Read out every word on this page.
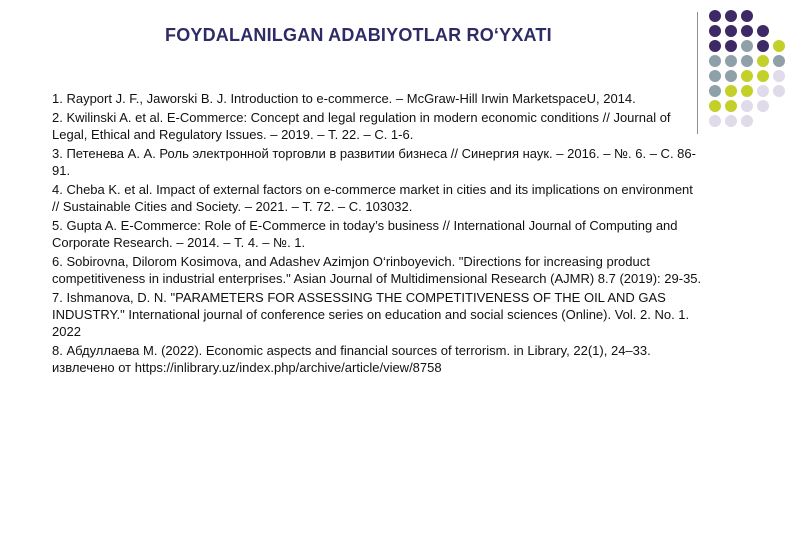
FOYDALANILGAN ADABIYOTLAR RO‘YXATI
1. Rayport J. F., Jaworski B. J. Introduction to e-commerce. – McGraw-Hill Irwin MarketspaceU, 2014.
2. Kwilinski A. et al. E-Commerce: Concept and legal regulation in modern economic conditions // Journal of Legal, Ethical and Regulatory Issues. – 2019. – Т. 22. – С. 1-6.
3. Петенева А. А. Роль электронной торговли в развитии бизнеса // Синергия наук. – 2016. – №. 6. – С. 86-91.
4. Cheba K. et al. Impact of external factors on e-commerce market in cities and its implications on environment // Sustainable Cities and Society. – 2021. – Т. 72. – С. 103032.
5. Gupta A. E-Commerce: Role of E-Commerce in today’s business // International Journal of Computing and Corporate Research. – 2014. – Т. 4. – №. 1.
6. Sobirovna, Dilorom Kosimova, and Adashev Azimjon O‘rinboyevich. "Directions for increasing product competitiveness in industrial enterprises." Asian Journal of Multidimensional Research (AJMR) 8.7 (2019): 29-35.
7. Ishmanova, D. N. "PARAMETERS FOR ASSESSING THE COMPETITIVENESS OF THE OIL AND GAS INDUSTRY." International journal of conference series on education and social sciences (Online). Vol. 2. No. 1. 2022
8. Абдуллаева М. (2022). Economic aspects and financial sources of terrorism. in Library, 22(1), 24–33. извлечено от https://inlibrary.uz/index.php/archive/article/view/8758
